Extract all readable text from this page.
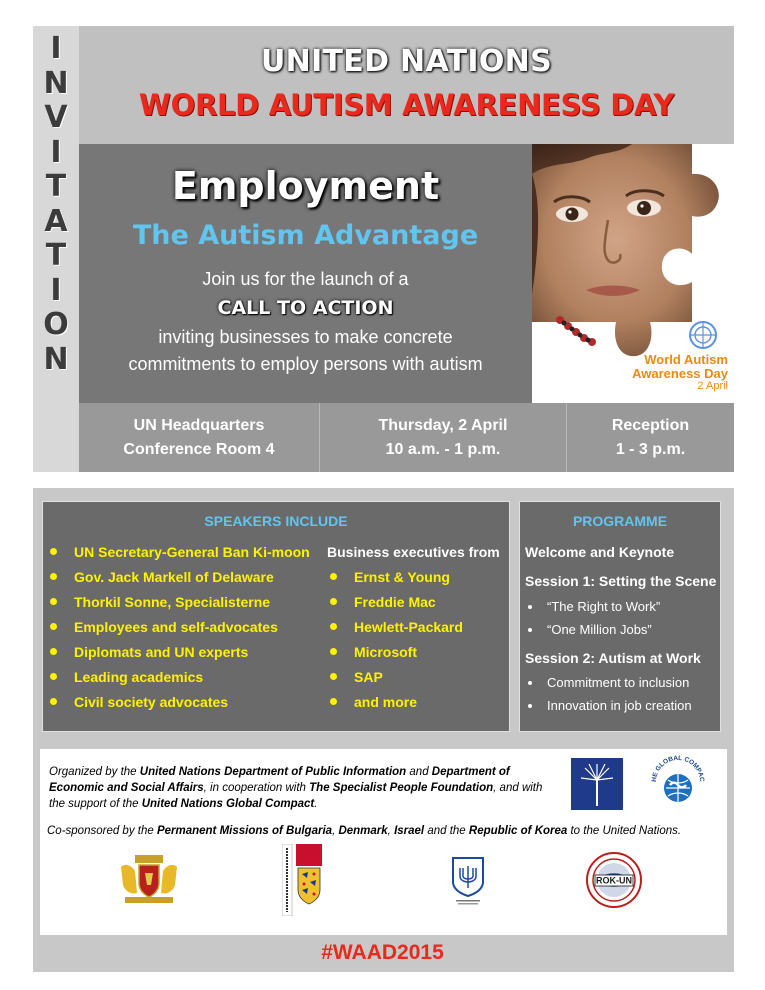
I
N
V
I
T
A
T
I
O
N
UNITED NATIONS
WORLD AUTISM AWARENESS DAY
Employment
The Autism Advantage
Join us for the launch of a
CALL TO ACTION
inviting businesses to make concrete
commitments to employ persons with autism	World Autism
Awareness Day
2 April
UN Headquarters
Conference Room 4
Thursday, 2 April
10 a.m. - 1 p.m.
Reception
1 - 3 p.m.
SPEAKERS INCLUDE
UN Secretary-General Ban Ki-moon
Gov. Jack Markell of Delaware
Thorkil Sonne, Specialisterne
Employees and self-advocates
Diplomats and UN experts
Leading academics
Civil society advocates
Business executives from
Ernst & Young
Freddie Mac
Hewlett-Packard
Microsoft
SAP
and more
PROGRAMME
Welcome and Keynote
Session 1: Setting the Scene
“The Right to Work”
“One Million Jobs”
Session 2: Autism at Work
Commitment to inclusion
Innovation in job creation
Organized by the United Nations Department of Public Information and Department of Economic and Social Affairs, in cooperation with The Specialist People Foundation, and with the support of the United Nations Global Compact.
HE GLOBAL COMPAC
Co-sponsored by the Permanent Missions of Bulgaria, Denmark, Israel and the Republic of Korea to the United Nations.
ROK-UN
#WAAD2015
